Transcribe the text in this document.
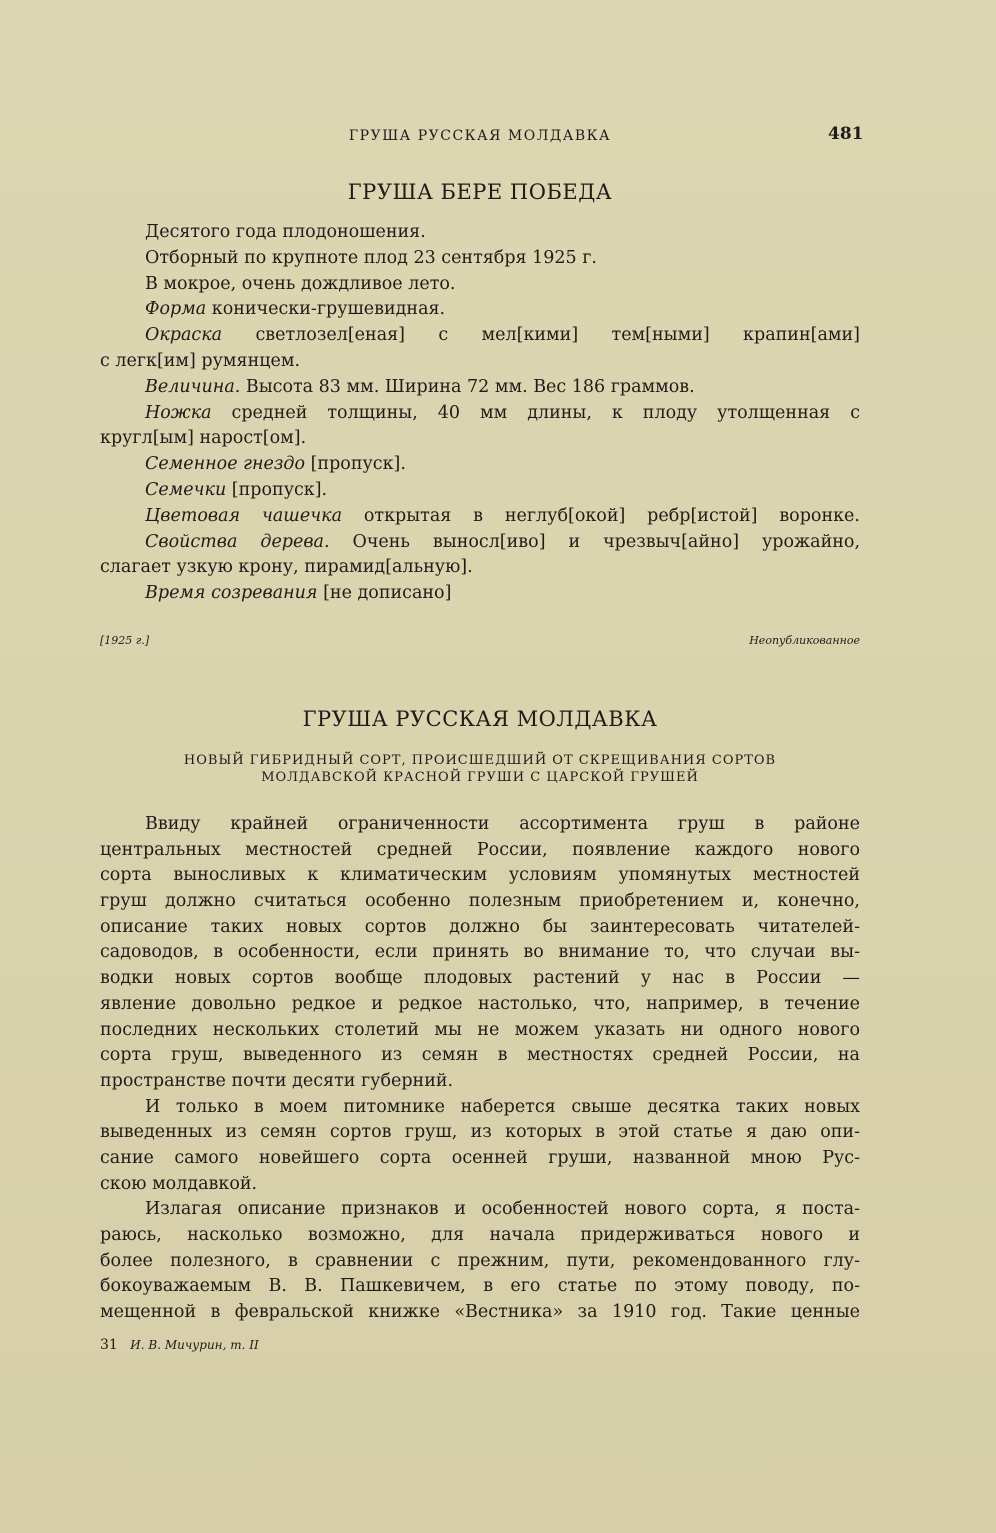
ГРУША РУССКАЯ МОЛДАВКА	481
ГРУША БЕРЕ ПОБЕДА
Десятого года плодоношения.
Отборный по крупноте плод 23 сентября 1925 г.
В мокрое, очень дождливое лето.
Форма конически-грушевидная.
Окраска светлозел[еная] с мел[кими] тем[ными] крапин[ами]
с легк[им] румянцем.
Величина. Высота 83 мм. Ширина 72 мм. Вес 186 граммов.
Ножка средней толщины, 40 мм длины, к плоду утолщенная с
кругл[ым] нарост[ом].
Семенное гнездо [пропуск].
Семечки [пропуск].
Цветовая чашечка открытая в неглуб[окой] ребр[истой] воронке.
Свойства дерева. Очень выносл[иво] и чрезвыч[айно] урожайно,
слагает узкую крону, пирамид[альную].
Время созревания [не дописано]
[1925 г.]	Неопубликованное
ГРУША РУССКАЯ МОЛДАВКА
НОВЫЙ ГИБРИДНЫЙ СОРТ, ПРОИСШЕДШИЙ ОТ СКРЕЩИВАНИЯ СОРТОВ
МОЛДАВСКОЙ КРАСНОЙ ГРУШИ С ЦАРСКОЙ ГРУШЕЙ
Ввиду крайней ограниченности ассортимента груш в районе
центральных местностей средней России, появление каждого нового
сорта выносливых к климатическим условиям упомянутых местностей
груш должно считаться особенно полезным приобретением и, конечно,
описание таких новых сортов должно бы заинтересовать читателей-
садоводов, в особенности, если принять во внимание то, что случаи вы-
водки новых сортов вообще плодовых растений у нас в России —
явление довольно редкое и редкое настолько, что, например, в течение
последних нескольких столетий мы не можем указать ни одного нового
сорта груш, выведенного из семян в местностях средней России, на
пространстве почти десяти губерний.
И только в моем питомнике наберется свыше десятка таких новых
выведенных из семян сортов груш, из которых в этой статье я даю опи-
сание самого новейшего сорта осенней груши, названной мною Рус-
скою молдавкой.
Излагая описание признаков и особенностей нового сорта, я поста-
раюсь, насколько возможно, для начала придерживаться нового и
более полезного, в сравнении с прежним, пути, рекомендованного глу-
бокоуважаемым В. В. Пашкевичем, в его статье по этому поводу, по-
мещенной в февральской книжке «Вестника» за 1910 год. Такие ценные
31 И. В. Мичурин, т. II
